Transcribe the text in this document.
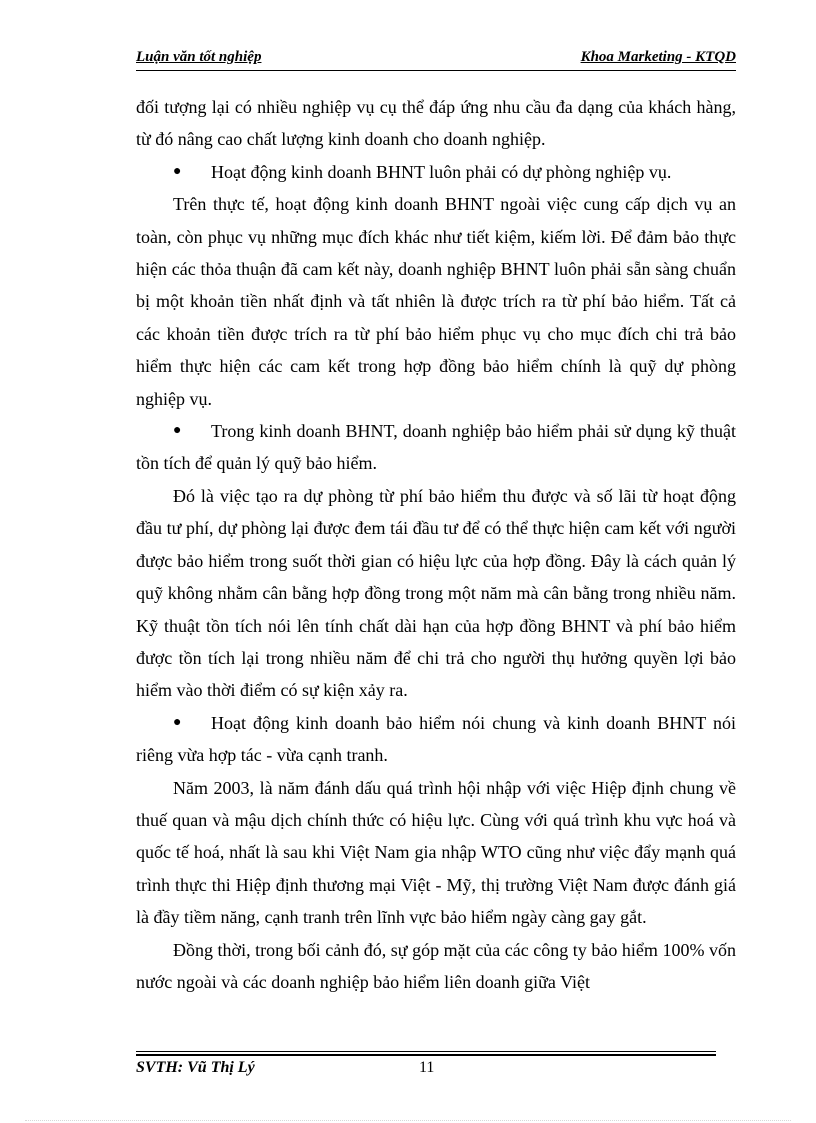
Luận văn tốt nghiệp	Khoa Marketing - KTQD

đối tượng lại có nhiều nghiệp vụ cụ thể đáp ứng nhu cầu đa dạng của khách hàng, từ đó nâng cao chất lượng kinh doanh cho doanh nghiệp.

● Hoạt động kinh doanh BHNT luôn phải có dự phòng nghiệp vụ.

Trên thực tế, hoạt động kinh doanh BHNT ngoài việc cung cấp dịch vụ an toàn, còn phục vụ những mục đích khác như tiết kiệm, kiếm lời. Để đảm bảo thực hiện các thỏa thuận đã cam kết này, doanh nghiệp BHNT luôn phải sẵn sàng chuẩn bị một khoản tiền nhất định và tất nhiên là được trích ra từ phí bảo hiểm. Tất cả các khoản tiền được trích ra từ phí bảo hiểm phục vụ cho mục đích chi trả bảo hiểm thực hiện các cam kết trong hợp đồng bảo hiểm chính là quỹ dự phòng nghiệp vụ.

● Trong kinh doanh BHNT, doanh nghiệp bảo hiểm phải sử dụng kỹ thuật tồn tích để quản lý quỹ bảo hiểm.

Đó là việc tạo ra dự phòng từ phí bảo hiểm thu được và số lãi từ hoạt động đầu tư phí, dự phòng lại được đem tái đầu tư để có thể thực hiện cam kết với người được bảo hiểm trong suốt thời gian có hiệu lực của hợp đồng. Đây là cách quản lý quỹ không nhằm cân bằng hợp đồng trong một năm mà cân bằng trong nhiều năm. Kỹ thuật tồn tích nói lên tính chất dài hạn của hợp đồng BHNT và phí bảo hiểm được tồn tích lại trong nhiều năm để chi trả cho người thụ hưởng quyền lợi bảo hiểm vào thời điểm có sự kiện xảy ra.

● Hoạt động kinh doanh bảo hiểm nói chung và kinh doanh BHNT nói riêng vừa hợp tác - vừa cạnh tranh.

Năm 2003, là năm đánh dấu quá trình hội nhập với việc Hiệp định chung về thuế quan và mậu dịch chính thức có hiệu lực. Cùng với quá trình khu vực hoá và quốc tế hoá, nhất là sau khi Việt Nam gia nhập WTO cũng như việc đẩy mạnh quá trình thực thi Hiệp định thương mại Việt - Mỹ, thị trường Việt Nam được đánh giá là đầy tiềm năng, cạnh tranh trên lĩnh vực bảo hiểm ngày càng gay gắt.

Đồng thời, trong bối cảnh đó, sự góp mặt của các công ty bảo hiểm 100% vốn nước ngoài và các doanh nghiệp bảo hiểm liên doanh giữa Việt

SVTH: Vũ Thị Lý	11
